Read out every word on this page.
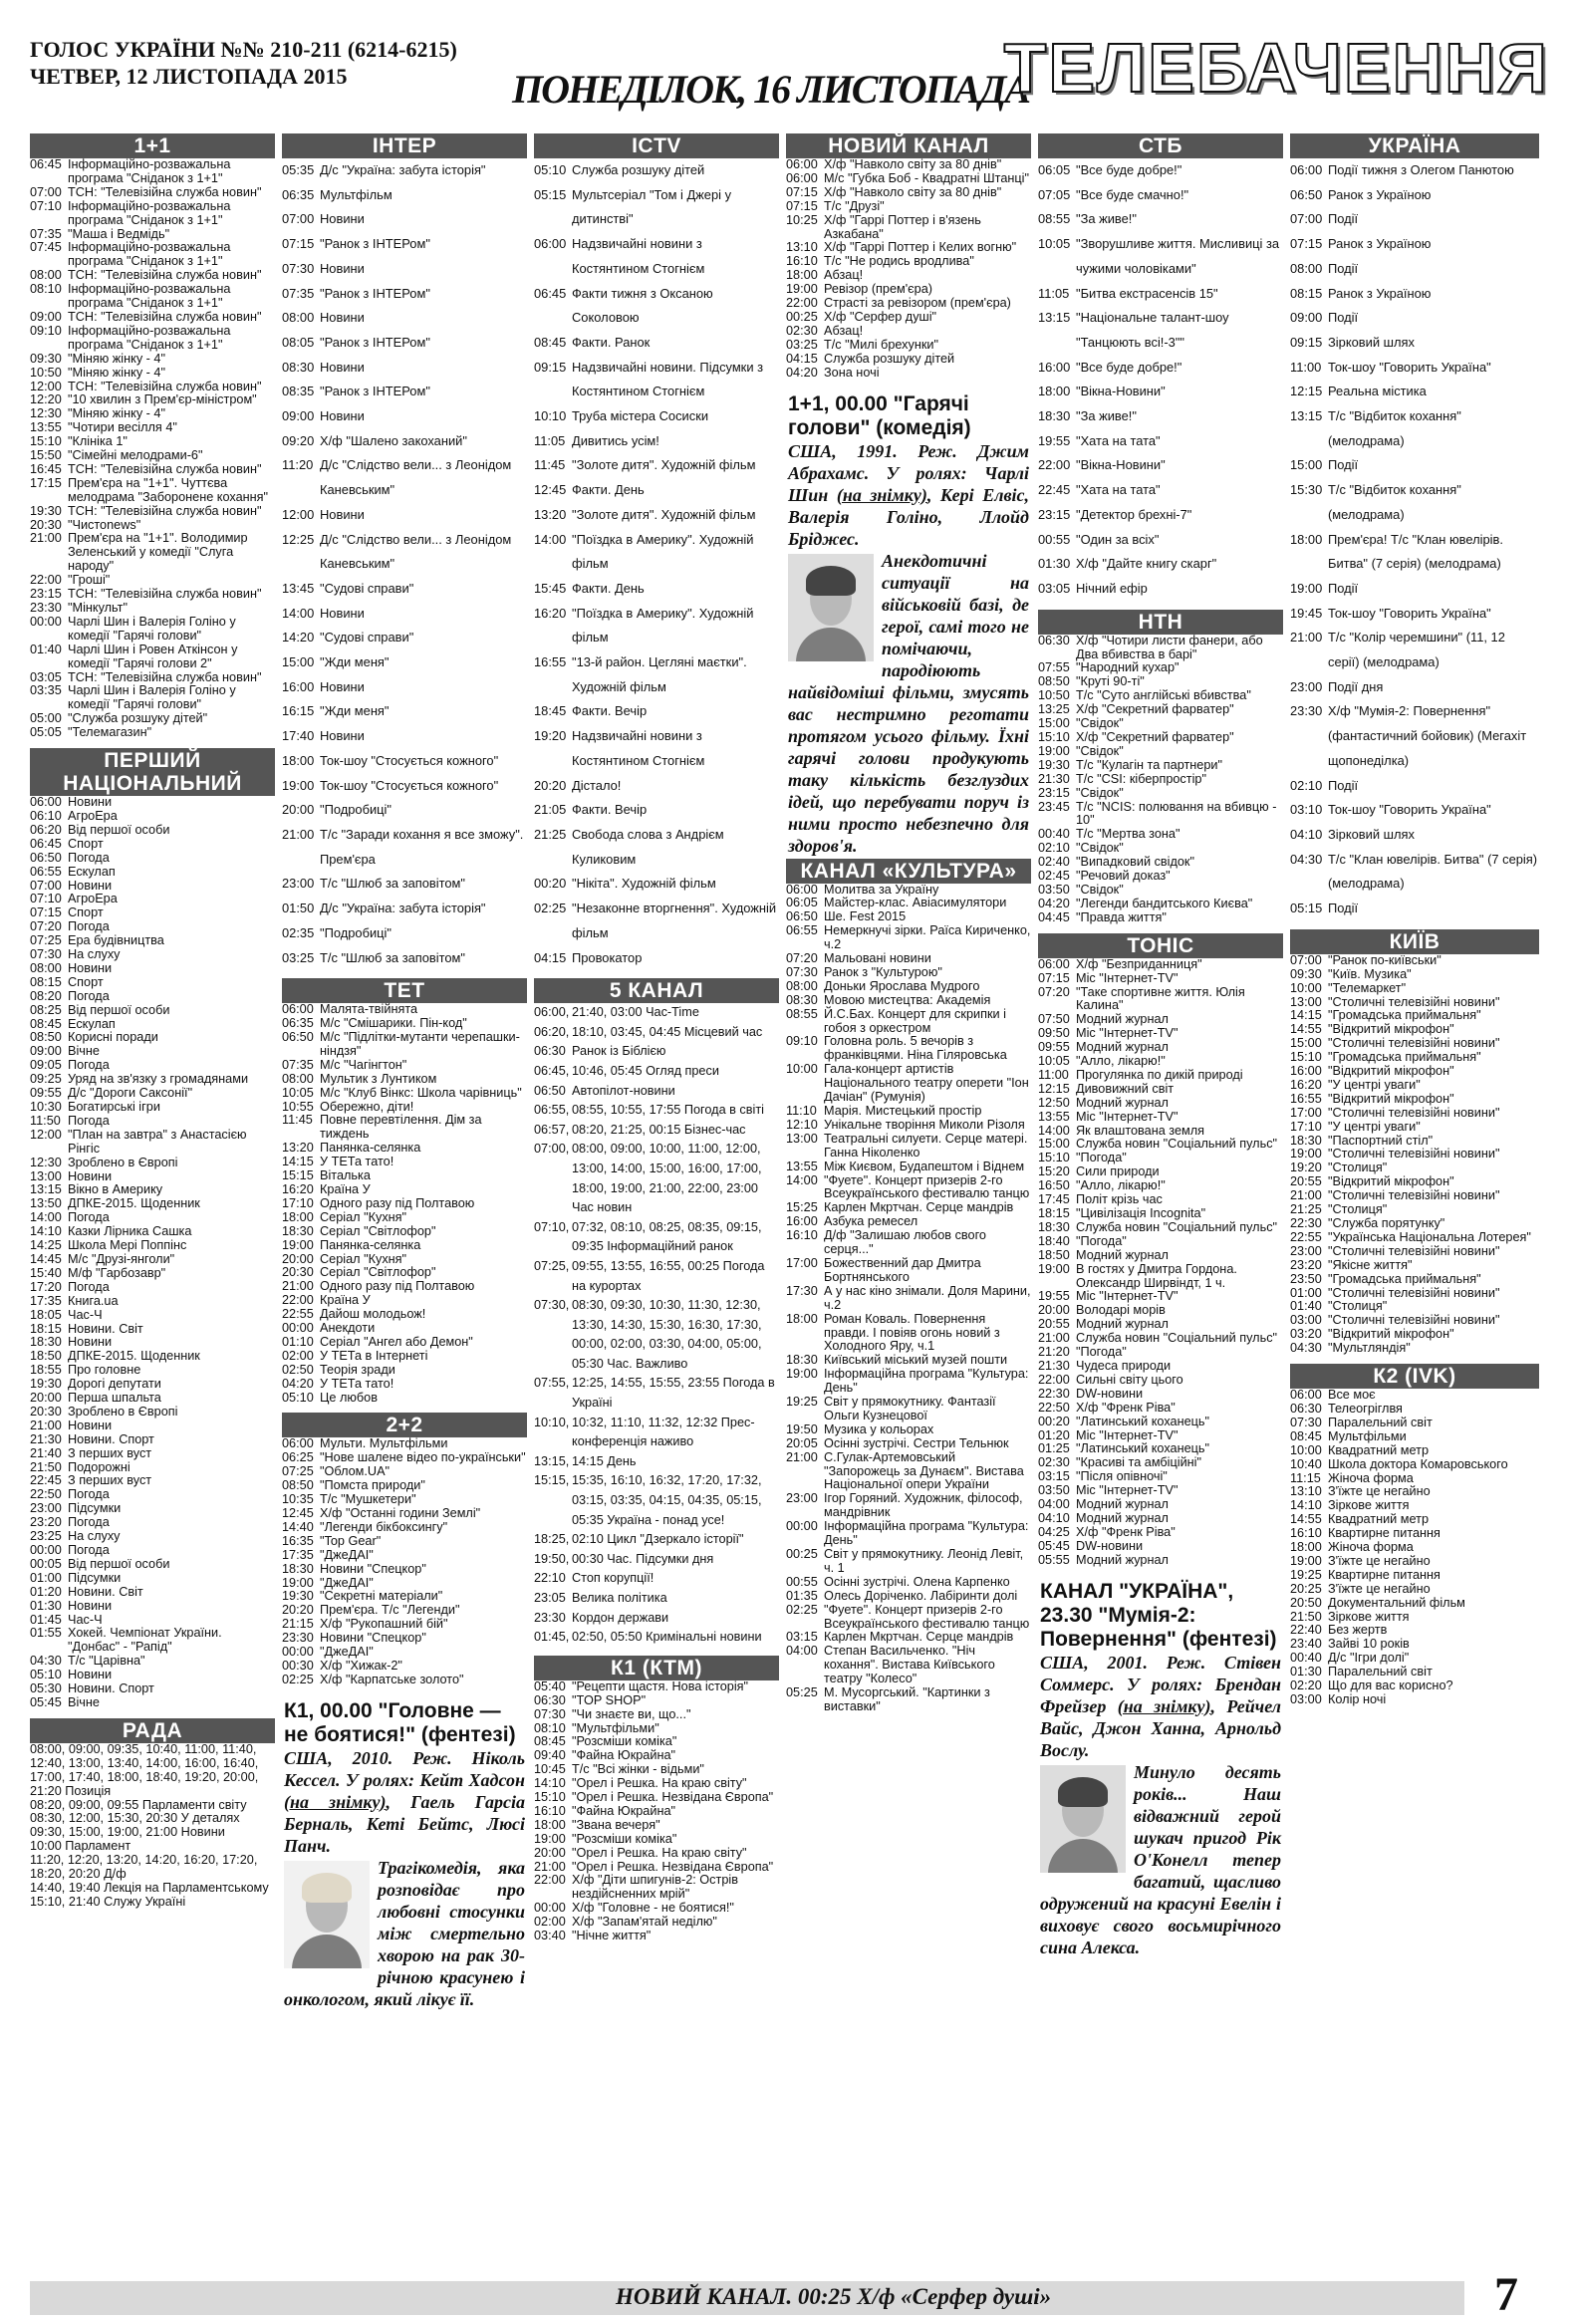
ГОЛОС УКРАЇНИ №№ 210-211 (6214-6215)
ЧЕТВЕР, 12 ЛИСТОПАДА 2015	ПОНЕДІЛОК, 16 ЛИСТОПАДА
ТЕЛЕБАЧЕННЯ
1+1
06:45 Інформаційно-розважальна програма "Сніданок з 1+1"
07:00 ТСН: "Телевізійна служба новин"
07:10 Інформаційно-розважальна програма "Сніданок з 1+1"
07:35 "Маша і Ведмідь"
07:45 Інформаційно-розважальна програма "Сніданок з 1+1"
08:00 ТСН: "Телевізійна служба новин"
08:10 Інформаційно-розважальна програма "Сніданок з 1+1"
09:00 ТСН: "Телевізійна служба новин"
09:10 Інформаційно-розважальна програма "Сніданок з 1+1"
09:30 "Міняю жінку - 4"
10:50 "Міняю жінку - 4"
12:00 ТСН: "Телевізійна служба новин"
12:20 "10 хвилин з Прем'єр-міністром"
12:30 "Міняю жінку - 4"
13:55 "Чотири весілля 4"
15:10 "Клініка 1"
15:50 "Сімейні мелодрами-6"
16:45 ТСН: "Телевізійна служба новин"
17:15 Прем'єра на "1+1". Чуттєва мелодрама "Заборонене кохання"
19:30 ТСН: "Телевізійна служба новин"
20:30 "Чистоnews"
21:00 Прем'єра на "1+1". Володимир Зеленський у комедії "Слуга народу"
22:00 "Гроші"
23:15 ТСН: "Телевізійна служба новин"
23:30 "Мінкульт"
00:00 Чарлі Шин і Валерія Голіно у комедії "Гарячі голови"
01:40 Чарлі Шин і Ровен Аткінсон у комедії "Гарячі голови 2"
03:05 ТСН: "Телевізійна служба новин"
03:35 Чарлі Шин і Валерія Голіно у комедії "Гарячі голови"
05:00 "Служба розшуку дітей"
05:05 "Телемагазин"
ПЕРШИЙ НАЦІОНАЛЬНИЙ
06:00 Новини
06:10 АгроЕра
06:20 Від першої особи
06:45 Спорт
06:50 Погода
06:55 Ескулап
07:00 Новини
07:10 АгроЕра
07:15 Спорт
07:20 Погода
07:25 Ера будівництва
07:30 На слуху
08:00 Новини
08:15 Спорт
08:20 Погода
08:25 Від першої особи
08:45 Ескулап
08:50 Корисні поради
09:00 Вічне
09:05 Погода
09:25 Уряд на зв'язку з громадянами
09:55 Д/с "Дороги Саксонії"
10:30 Богатирські ігри
11:50 Погода
12:00 "План на завтра" з Анастасією Рінгіс
12:30 Зроблено в Європі
13:00 Новини
13:15 Вікно в Америку
13:50 ДПКЕ-2015. Щоденник
14:00 Погода
14:10 Казки Лірника Сашка
14:25 Школа Мері Поппінс
14:45 М/с "Друзі-янголи"
15:40 М/ф "Гарбозавр"
17:20 Погода
17:35 Книга.ua
18:05 Час-Ч
18:15 Новини. Світ
18:30 Новини
18:50 ДПКЕ-2015. Щоденник
18:55 Про головне
19:30 Дорогі депутати
20:00 Перша шпальта
20:30 Зроблено в Європі
21:00 Новини
21:30 Новини. Спорт
21:40 З перших вуст
21:50 Подорожні
22:45 З перших вуст
22:50 Погода
23:00 Підсумки
23:20 Погода
23:25 На слуху
00:00 Погода
00:05 Від першої особи
01:00 Підсумки
01:20 Новини. Світ
01:30 Новини
01:45 Час-Ч
01:55 Хокей. Чемпіонат України. "Донбас" - "Рапід"
04:30 Т/с "Царівна"
05:10 Новини
05:30 Новини. Спорт
05:45 Вічне
РАДА
08:00, 09:00, 09:35, 10:40, 11:00, 11:40, 12:40, 13:00, 13:40, 14:00, 16:00, 16:40, 17:00, 17:40, 18:00, 18:40, 19:20, 20:00, 21:20 Позиція
08:20, 09:00, 09:55 Парламенти світу
08:30, 12:00, 15:30, 20:30 У деталях
09:30, 15:00, 19:00, 21:00 Новини
10:00 Парламент
11:20, 12:20, 13:20, 14:20, 16:20, 17:20, 18:20, 20:20 Д/ф
14:40, 19:40 Лекція на Парламентському
15:10, 21:40 Служу Україні
ІНТЕР
05:35 Д/с "Україна: забута історія"
06:35 Мультфільм
07:00 Новини
07:15 "Ранок з ІНТЕРом"
07:30 Новини
07:35 "Ранок з ІНТЕРом"
08:00 Новини
08:05 "Ранок з ІНТЕРом"
08:30 Новини
08:35 "Ранок з ІНТЕРом"
09:00 Новини
09:20 Х/ф "Шалено закоханий"
11:20 Д/с "Слідство вели... з Леонідом Каневським"
12:00 Новини
12:25 Д/с "Слідство вели... з Леонідом Каневським"
13:45 "Судові справи"
14:00 Новини
14:20 "Судові справи"
15:00 "Жди меня"
16:00 Новини
16:15 "Жди меня"
17:40 Новини
18:00 Ток-шоу "Стосується кожного"
19:00 Ток-шоу "Стосується кожного"
20:00 "Подробиці"
21:00 Т/с "Заради кохання я все зможу". Прем'єра
23:00 Т/с "Шлюб за заповітом"
01:50 Д/с "Україна: забута історія"
02:35 "Подробиці"
03:25 Т/с "Шлюб за заповітом"
ТЕТ
06:00 Малята-твійнята
06:35 М/с "Смішарики. Пін-код"
06:50 М/с "Підлітки-мутанти черепашки-ніндзя"
07:35 М/с "Чагінгтон"
08:00 Мультик з Лунтиком
10:05 М/с "Клуб Вінкс: Школа чарівниць"
10:55 Обережно, діти!
11:45 Повне перевтілення. Дім за тиждень
13:20 Панянка-селянка
14:15 У ТЕТа тато!
15:15 Віталька
16:20 Країна У
17:10 Одного разу під Полтавою
18:00 Серіал "Кухня"
18:30 Серіал "Світлофор"
19:00 Панянка-селянка
20:00 Серіал "Кухня"
20:30 Серіал "Світлофор"
21:00 Одного разу під Полтавою
22:00 Країна У
22:55 Дайош молодьож!
00:00 Анекдоти
01:10 Серіал "Ангел або Демон"
02:00 У ТЕТа в Інтернеті
02:50 Теорія зради
04:20 У ТЕТа тато!
05:10 Це любов
2+2
06:00 Мульти. Мультфільми
06:25 "Нове шалене відео по-українськи"
07:25 "Облом.UA"
08:50 "Помста природи"
10:35 Т/с "Мушкетери"
12:45 Х/ф "Останні години Землі"
14:40 "Легенди бікбоксингу"
16:35 "Top Gear"
17:35 "ДжеДАІ"
18:30 Новини "Спецкор"
19:00 "ДжеДАІ"
19:30 "Секретні матеріали"
20:20 Прем'єра. Т/с "Легенди"
21:15 Х/ф "Рукопашний бій"
23:30 Новини "Спецкор"
00:00 "ДжеДАІ"
00:30 Х/ф "Хижак-2"
02:25 Х/ф "Карпатське золото"
К1, 00.00 "Головне — не боятися!" (фентезі)
США, 2010. Реж. Ніколь Кессел. У ролях: Кейт Хадсон (на знімку), Гаель Гарсіа Берналь, Кеті Бейтс, Люсі Панч.
Трагікомедія, яка розповідає про любовні стосунки між смертельно хворою на рак 30-річною красунею і онкологом, який лікує її.
ICTV
05:10 Служба розшуку дітей
05:15 Мультсеріал "Том і Джері у дитинстві"
06:00 Надзвичайні новини з Костянтином Стогнієм
06:45 Факти тижня з Оксаною Соколовою
08:45 Факти. Ранок
09:15 Надзвичайні новини. Підсумки з Костянтином Стогнієм
10:10 Труба містера Сосиски
11:05 Дивитись усім!
11:45 "Золоте дитя". Художній фільм
12:45 Факти. День
13:20 "Золоте дитя". Художній фільм
14:00 "Поїздка в Америку". Художній фільм
15:45 Факти. День
16:20 "Поїздка в Америку". Художній фільм
16:55 "13-й район. Цегляні маєтки". Художній фільм
18:45 Факти. Вечір
19:20 Надзвичайні новини з Костянтином Стогнієм
20:20 Дістало!
21:05 Факти. Вечір
21:25 Свобода слова з Андрієм Куликовим
00:20 "Нікіта". Художній фільм
02:25 "Незаконне вторгнення". Художній фільм
04:15 Провокатор
5 КАНАЛ
06:00, 21:40, 03:00 Час-Time
06:20, 18:10, 03:45, 04:45 Місцевий час
06:30 Ранок із Біблією
06:45, 10:46, 05:45 Огляд преси
06:50 Автопілот-новини
06:55, 08:55, 10:55, 17:55 Погода в світі
06:57, 08:20, 21:25, 00:15 Бізнес-час
07:00, 08:00, 09:00, 10:00, 11:00, 12:00, 13:00, 14:00, 15:00, 16:00, 17:00, 18:00, 19:00, 21:00, 22:00, 23:00 Час новин
07:10, 07:32, 08:10, 08:25, 08:35, 09:15, 09:35 Інформаційний ранок
07:25, 09:55, 13:55, 16:55, 00:25 Погода на курортах
07:30, 08:30, 09:30, 10:30, 11:30, 12:30, 13:30, 14:30, 15:30, 16:30, 17:30, 00:00, 02:00, 03:30, 04:00, 05:00, 05:30 Час. Важливо
07:55, 12:25, 14:55, 15:55, 23:55 Погода в Україні
10:10, 10:32, 11:10, 11:32, 12:32 Прес-конференція наживо
13:15, 14:15 День
15:15, 15:35, 16:10, 16:32, 17:20, 17:32, 03:15, 03:35, 04:15, 04:35, 05:15, 05:35 Україна - понад усе!
18:25, 02:10 Цикл "Дзеркало історії"
19:50, 00:30 Час. Підсумки дня
22:10 Стоп корупції!
23:05 Велика політика
23:30 Кордон держави
01:45, 02:50, 05:50 Кримінальні новини
К1 (КТМ)
05:40 "Рецепти щастя. Нова історія"
06:30 "TOP SHOP"
07:30 "Чи знаєте ви, що..."
08:10 "Мультфільми"
08:45 "Розсміши коміка"
09:40 "Файна Юкрайна"
10:45 Т/с "Всі жінки - відьми"
14:10 "Орел і Решка. На краю світу"
15:10 "Орел і Решка. Незвідана Європа"
16:10 "Файна Юкрайна"
18:00 "Звана вечеря"
19:00 "Розсміши коміка"
20:00 "Орел і Решка. На краю світу"
21:00 "Орел і Решка. Незвідана Європа"
22:00 Х/ф "Діти шпигунів-2: Острів нездійсненних мрій"
00:00 Х/ф "Головне - не боятися!"
02:00 Х/ф "Запам'ятай неділю"
03:40 "Нічне життя"
НОВИЙ КАНАЛ
06:00 Х/ф "Навколо світу за 80 днів"
06:00 М/с "Губка Боб - Квадратні Штанці"
07:15 Х/ф "Навколо світу за 80 днів"
07:15 Т/с "Друзі"
10:25 Х/ф "Гаррі Поттер і в'язень Азкабана"
13:10 Х/ф "Гаррі Поттер і Келих вогню"
16:10 Т/с "Не родись вродлива"
18:00 Абзац!
19:00 Ревізор (прем'єра)
22:00 Страсті за ревізором (прем'єра)
00:25 Х/ф "Серфер душі"
02:30 Абзац!
03:25 Т/с "Милі брехунки"
04:15 Служба розшуку дітей
04:20 Зона ночі
1+1, 00.00 "Гарячі голови" (комедія)
США, 1991. Реж. Джим Абрахамс. У ролях: Чарлі Шин (на знімку), Кері Елвіс, Валерія Голіно, Ллойд Бріджес.
Анекдотичні ситуації на військовій базі, де герої, самі того не помічаючи, пародіюють найвідоміші фільми, змусять вас нестримно реготати протягом усього фільму. Їхні гарячі голови продукують таку кількість безглуздих ідей, що перебувати поруч із ними просто небезпечно для здоров'я.
КАНАЛ «КУЛЬТУРА»
06:00 Молитва за Україну
06:05 Майстер-клас. Авіасимулятори
06:50 Ше. Fest 2015
06:55 Немеркнучі зірки. Раїса Кириченко, ч.2
07:20 Мальовані новини
07:30 Ранок з "Культурою"
08:00 Доньки Ярослава Мудрого
08:30 Мовою мистецтва: Академія
08:55 Й.С.Бах. Концерт для скрипки і гобоя з оркестром
09:10 Головна роль. 5 вечорів з франківцями. Ніна Гіляровська
10:00 Гала-концерт артистів Національного театру оперети "Іон Дачіан" (Румунія)
11:10 Марія. Мистецький простір
12:10 Унікальне творіння Миколи Різоля
13:00 Театральні силуети. Серце матері. Ганна Ніколенко
13:55 Між Києвом, Будапештом і Віднем
14:00 "Фуете". Концерт призерів 2-го Всеукраїнського фестивалю танцю
15:25 Карлен Мкртчан. Серце мандрів
16:00 Азбука ремесел
16:10 Д/ф "Залишаю любов свого серця..."
17:00 Божественний дар Дмитра Бортнянського
17:30 А у нас кіно знімали. Доля Марини, ч.2
18:00 Роман Коваль. Повернення правди. І повіяв огонь новий з Холодного Яру, ч.1
18:30 Київський міський музей пошти
19:00 Інформаційна програма "Культура: День"
19:25 Світ у прямокутнику. Фантазії Ольги Кузнецової
19:50 Музика у кольорах
20:05 Осінні зустрічі. Сестри Тельнюк
21:00 С.Гулак-Артемовський "Запорожець за Дунаєм". Вистава Національної опери України
23:00 Ігор Горяний. Художник, філософ, мандрівник
00:00 Інформаційна програма "Культура: День"
00:25 Світ у прямокутнику. Леонід Левіт, ч. 1
00:55 Осінні зустрічі. Олена Карпенко
01:35 Олесь Доріченко. Лабіринти долі
02:25 "Фуете". Концерт призерів 2-го Всеукраїнського фестивалю танцю
03:15 Карлен Мкртчан. Серце мандрів
04:00 Степан Васильченко. "Ніч кохання". Вистава Київського театру "Колесо"
05:25 М. Мусоргський. "Картинки з виставки"
СТБ
06:05 "Все буде добре!"
07:05 "Все буде смачно!"
08:55 "За живе!"
10:05 "Зворушливе життя. Мисливиці за чужими чоловіками"
11:05 "Битва екстрасенсів 15"
13:15 "Національне талант-шоу "Танцюють всі!-3""
16:00 "Все буде добре!"
18:00 "Вікна-Новини"
18:30 "За живе!"
19:55 "Хата на тата"
22:00 "Вікна-Новини"
22:45 "Хата на тата"
23:15 "Детектор брехні-7"
00:55 "Один за всіх"
01:30 Х/ф "Дайте книгу скарг"
03:05 Нічний ефір
НТН
06:30 Х/ф "Чотири листи фанери, або Два вбивства в барі"
07:55 "Народний кухар"
08:50 "Круті 90-ті"
10:50 Т/с "Суто англійські вбивства"
13:25 Х/ф "Секретний фарватер"
15:00 "Свідок"
15:10 Х/ф "Секретний фарватер"
19:00 "Свідок"
19:30 Т/с "Кулагін та партнери"
21:30 Т/с "CSI: кіберпростір"
23:15 "Свідок"
23:45 Т/с "NCIS: полювання на вбивцю - 10"
00:40 Т/с "Мертва зона"
02:10 "Свідок"
02:40 "Випадковий свідок"
02:45 "Речовий доказ"
03:50 "Свідок"
04:20 "Легенди бандитського Києва"
04:45 "Правда життя"
ТОНІС
06:00 Х/ф "Безприданниця"
07:15 Міс "Інтернет-TV"
07:20 "Таке спортивне життя. Юлія Калина"
07:50 Модний журнал
09:50 Міс "Інтернет-TV"
09:55 Модний журнал
10:05 "Алло, лікарю!"
11:00 Прогулянка по дикій природі
12:15 Дивовижний світ
12:50 Модний журнал
13:55 Міс "Інтернет-TV"
14:00 Як влаштована земля
15:00 Служба новин "Соціальний пульс"
15:10 "Погода"
15:20 Сили природи
16:50 "Алло, лікарю!"
17:45 Політ крізь час
18:15 "Цивілізація Incognita"
18:30 Служба новин "Соціальний пульс"
18:40 "Погода"
18:50 Модний журнал
19:00 В гостях у Дмитра Гордона. Олександр Ширвіндт, 1 ч.
19:55 Міс "Інтернет-TV"
20:00 Володарі морів
20:55 Модний журнал
21:00 Служба новин "Соціальний пульс"
21:20 "Погода"
21:30 Чудеса природи
22:00 Сильні світу цього
22:30 DW-новини
22:50 Х/ф "Френк Ріва"
00:20 "Латинський коханець"
01:20 Міс "Інтернет-TV"
01:25 "Латинський коханець"
02:30 "Красиві та амбіційні"
03:15 "Після опівночі"
03:50 Міс "Інтернет-TV"
04:00 Модний журнал
04:10 Модний журнал
04:25 Х/ф "Френк Ріва"
05:45 DW-новини
05:55 Модний журнал
КАНАЛ "УКРАЇНА", 23.30 "Мумія-2: Повернення" (фентезі)
США, 2001. Реж. Стівен Соммерс. У ролях: Брендан Фрейзер (на знімку), Рейчел Вайс, Джон Ханна, Арнольд Вослу.
Минуло десять років... Наш відважний герой шукач пригод Рік О'Конелл тепер багатий, щасливо одружений на красуні Евелін і виховує свого восьмирічного сина Алекса.
УКРАЇНА
06:00 Події тижня з Олегом Панютою
06:50 Ранок з Україною
07:00 Події
07:15 Ранок з Україною
08:00 Події
08:15 Ранок з Україною
09:00 Події
09:15 Зірковий шлях
11:00 Ток-шоу "Говорить Україна"
12:15 Реальна містика
13:15 Т/с "Відбиток кохання" (мелодрама)
15:00 Події
15:30 Т/с "Відбиток кохання" (мелодрама)
18:00 Прем'єра! Т/с "Клан ювелірів. Битва" (7 серія) (мелодрама)
19:00 Події
19:45 Ток-шоу "Говорить Україна"
21:00 Т/с "Колір черемшини" (11, 12 серії) (мелодрама)
23:00 Події дня
23:30 Х/ф "Мумія-2: Повернення" (фантастичний бойовик) (Мегахіт щопонеділка)
02:10 Події
03:10 Ток-шоу "Говорить Україна"
04:10 Зірковий шлях
04:30 Т/с "Клан ювелірів. Битва" (7 серія) (мелодрама)
05:15 Події
КИЇВ
07:00 "Ранок по-київськи"
09:30 "Київ. Музика"
10:00 "Телемаркет"
13:00 "Столичні телевізійні новини"
14:15 "Громадська приймальня"
14:55 "Відкритий мікрофон"
15:00 "Столичні телевізійні новини"
15:10 "Громадська приймальня"
16:00 "Відкритий мікрофон"
16:20 "У центрі уваги"
16:55 "Відкритий мікрофон"
17:00 "Столичні телевізійні новини"
17:10 "У центрі уваги"
18:30 "Паспортний стіл"
19:00 "Столичні телевізійні новини"
19:20 "Столиця"
20:55 "Відкритий мікрофон"
21:00 "Столичні телевізійні новини"
21:25 "Столиця"
22:30 "Служба порятунку"
22:55 "Українська Національна Лотерея"
23:00 "Столичні телевізійні новини"
23:20 "Якісне життя"
23:50 "Громадська приймальня"
01:00 "Столичні телевізійні новини"
01:40 "Столиця"
03:00 "Столичні телевізійні новини"
03:20 "Відкритий мікрофон"
04:30 "Мультляндія"
К2 (IVK)
06:00 Все моє
06:30 Телеогріглвя
07:30 Паралельний світ
08:45 Мультфільми
10:00 Квадратний метр
10:40 Школа доктора Комаровського
11:15 Жіноча форма
13:10 З'їжте це негайно
14:10 Зіркове життя
14:55 Квадратний метр
16:10 Квартирне питання
18:00 Жіноча форма
19:00 З'їжте це негайно
19:25 Квартирне питання
20:25 З'їжте це негайно
20:50 Документальний фільм
21:50 Зіркове життя
22:40 Без жертв
23:40 Зайві 10 років
00:40 Д/с "Ігри долі"
01:30 Паралельний світ
02:20 Що для вас корисно?
03:00 Колір ночі
НОВИЙ КАНАЛ. 00:25 Х/ф «Серфер душі»	7
